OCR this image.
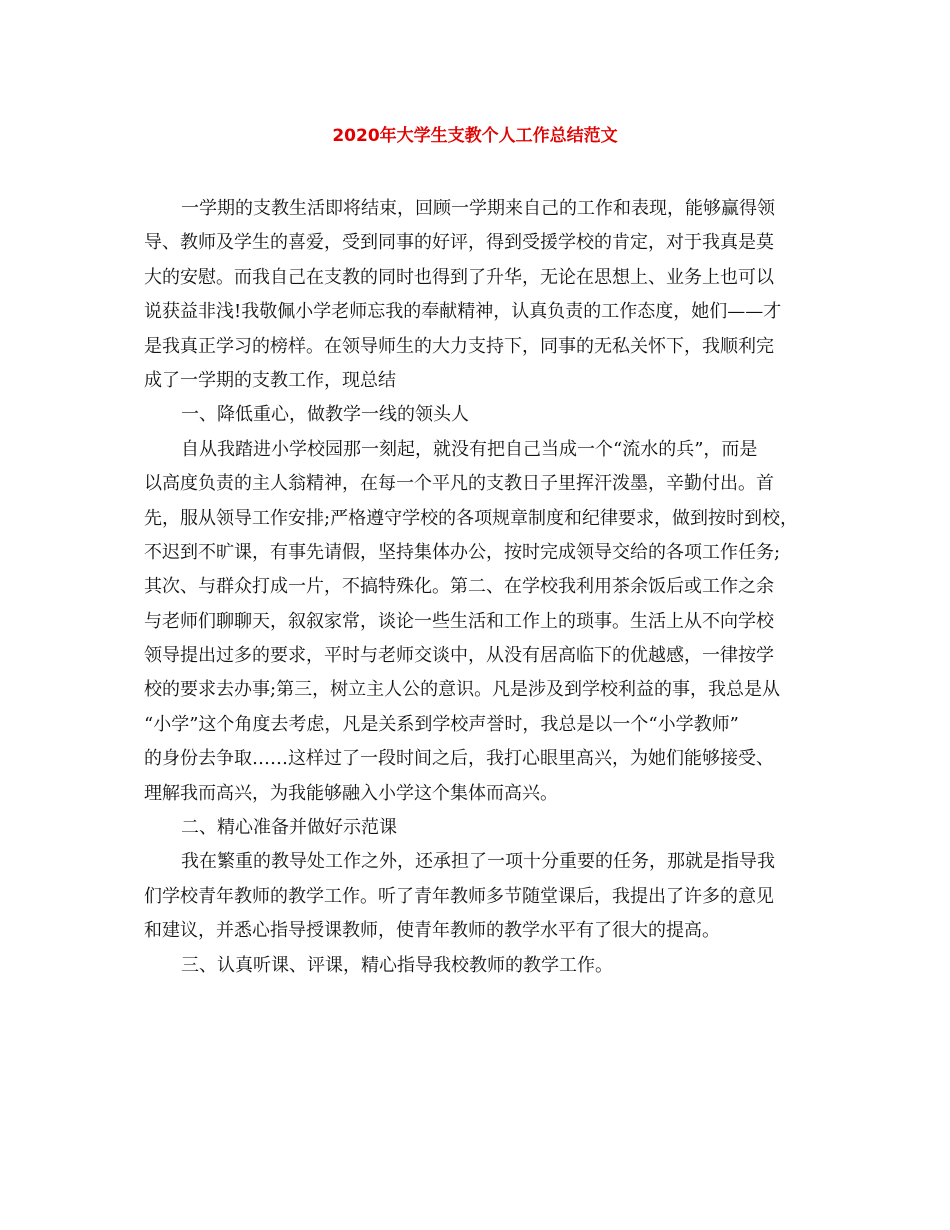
2020年大学生支教个人工作总结范文
一学期的支教生活即将结束，回顾一学期来自己的工作和表现，能够赢得领
导、教师及学生的喜爱，受到同事的好评，得到受援学校的肯定，对于我真是莫
大的安慰。而我自己在支教的同时也得到了升华，无论在思想上、业务上也可以
说获益非浅!我敬佩小学老师忘我的奉献精神，认真负责的工作态度，她们——才
是我真正学习的榜样。在领导师生的大力支持下，同事的无私关怀下，我顺利完
成了一学期的支教工作，现总结
一、降低重心，做教学一线的领头人
自从我踏进小学校园那一刻起，就没有把自己当成一个“流水的兵”，而是
以高度负责的主人翁精神，在每一个平凡的支教日子里挥汗泼墨，辛勤付出。首
先，服从领导工作安排;严格遵守学校的各项规章制度和纪律要求，做到按时到校，
不迟到不旷课，有事先请假，坚持集体办公，按时完成领导交给的各项工作任务;
其次、与群众打成一片，不搞特殊化。第二、在学校我利用茶余饭后或工作之余
与老师们聊聊天，叙叙家常，谈论一些生活和工作上的琐事。生活上从不向学校
领导提出过多的要求，平时与老师交谈中，从没有居高临下的优越感，一律按学
校的要求去办事;第三，树立主人公的意识。凡是涉及到学校利益的事，我总是从
“小学”这个角度去考虑，凡是关系到学校声誉时，我总是以一个“小学教师”
的身份去争取……这样过了一段时间之后，我打心眼里高兴，为她们能够接受、
理解我而高兴，为我能够融入小学这个集体而高兴。
二、精心准备并做好示范课
我在繁重的教导处工作之外，还承担了一项十分重要的任务，那就是指导我
们学校青年教师的教学工作。听了青年教师多节随堂课后，我提出了许多的意见
和建议，并悉心指导授课教师，使青年教师的教学水平有了很大的提高。
三、认真听课、评课，精心指导我校教师的教学工作。
